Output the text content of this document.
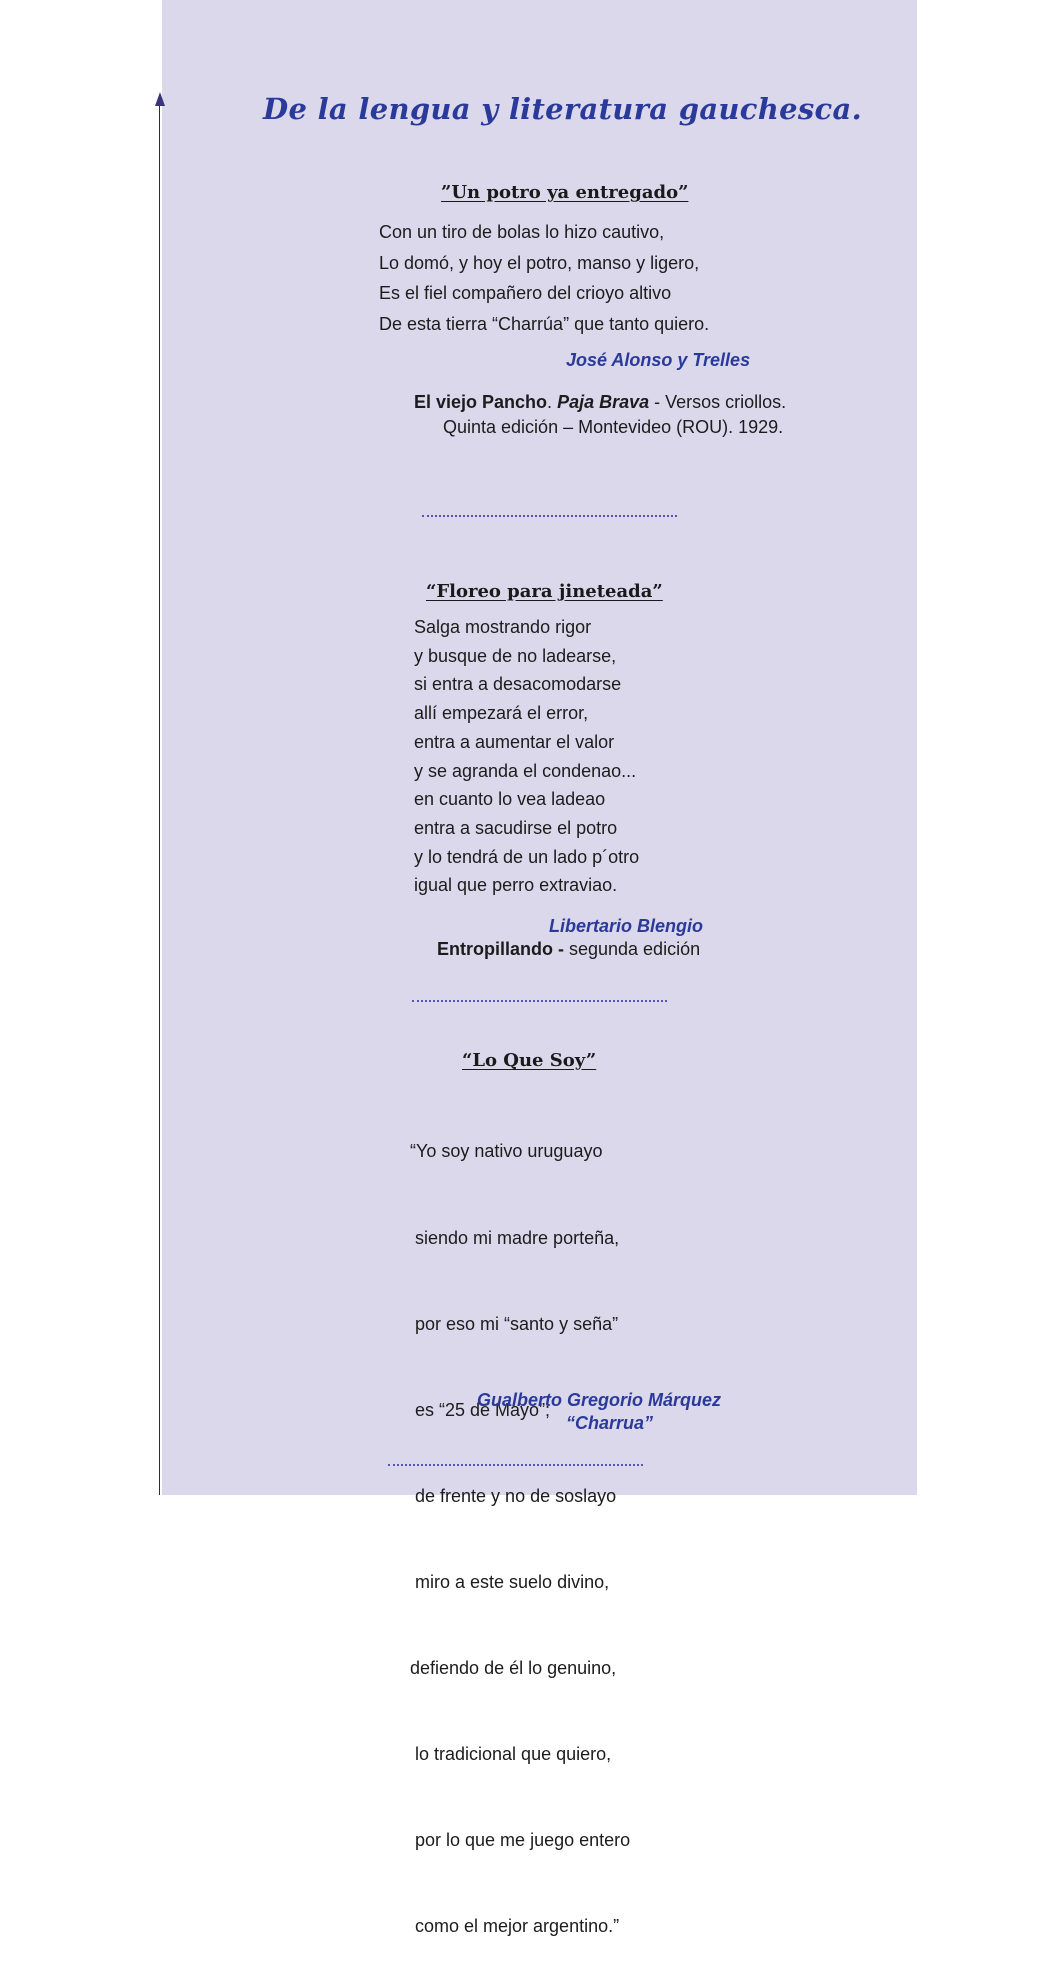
De la lengua y literatura gauchesca.
”Un potro ya entregado”
Con un tiro de bolas lo hizo cautivo,
Lo domó, y hoy el potro, manso y ligero,
Es el fiel compañero del crioyo altivo
De esta tierra “Charrúa” que tanto quiero.
José Alonso y Trelles
El viejo Pancho. Paja Brava - Versos criollos.
Quinta edición – Montevideo (ROU). 1929.
“Floreo para jineteada”
Salga mostrando rigor
y busque de no ladearse,
si entra a desacomodarse
allí empezará el error,
entra a aumentar el valor
y se agranda el condenao...
en cuanto lo vea ladeao
entra a sacudirse el potro
y lo tendrá de un lado p´otro
igual que perro extraviao.
Libertario Blengio
Entropillando - segunda edición
“Lo Que Soy”

“Yo soy nativo uruguayo

siendo mi madre porteña,

por eso mi “santo y seña”

es “25 de Mayo”;

de frente y no de soslayo

miro a este suelo divino,

defiendo de él lo genuino,

lo tradicional que quiero,

por lo que me juego entero

como el mejor argentino.”

Gualberto Gregorio Márquez
“Charrua”
